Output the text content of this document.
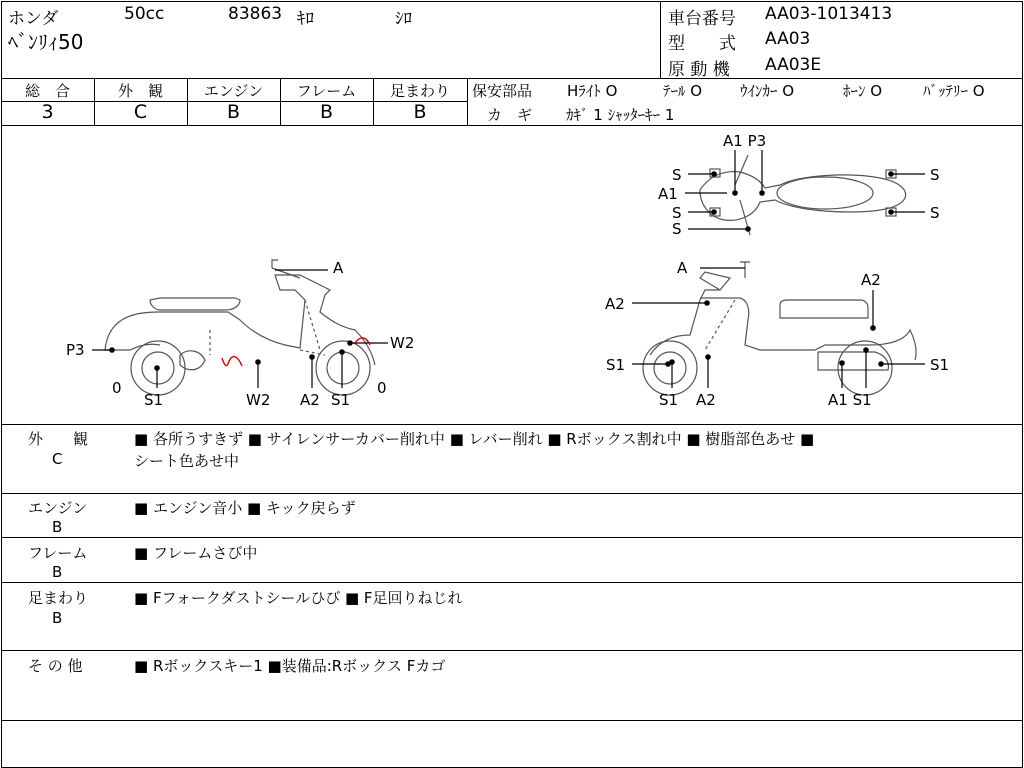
ホンダ	50cc	83863 ｷﾛ	ｼﾛ
ﾍﾞﾝﾘｨ50
車台番号 AA03-1013413
型　　式 AA03
原 動 機 AA03E
総　合	外　観	エンジン	フレーム	足まわり
3	C	B	B	B
保安部品 Hﾗｲﾄ O	ﾃｰﾙ O	ｳｲﾝｶｰ O	ﾎｰﾝ O	ﾊﾞｯﾃﾘｰ O
カ　ギ ｶｷﾞ 1 ｼｬｯﾀｰｷｰ 1
A
P3	W2
0	0
S1	W2 A2 S1
A1 P3
A1
S
S
S
S
S
A
A2
A2
S1	S1
S1 A2	A1 S1
外　　観
C
■ 各所うすきず ■ サイレンサーカバー削れ中 ■ レバー削れ ■ Rボックス割れ中 ■ 樹脂部色あせ ■
シート色あせ中
エンジン
B
■ エンジン音小 ■ キック戻らず
フレーム
B
■ フレームさび中
足まわり
B
■ Fフォークダストシールひび ■ F足回りねじれ
そ の 他	■ Rボックスキー1 ■装備品:Rボックス Fカゴ
